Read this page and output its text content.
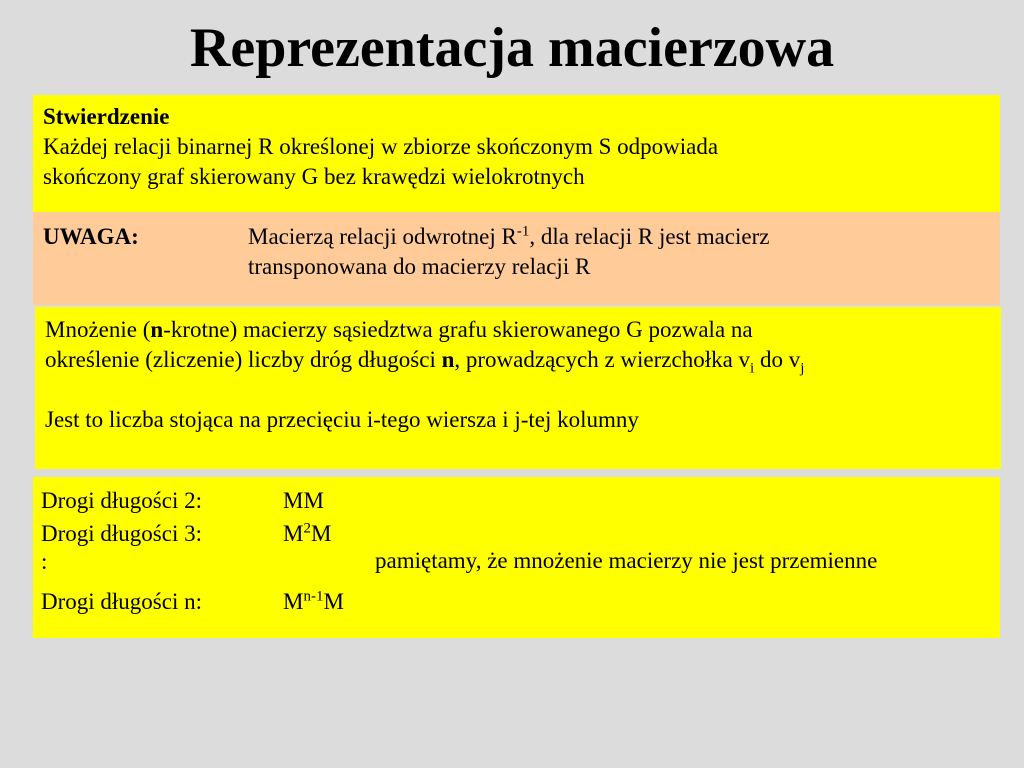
Reprezentacja macierzowa
Stwierdzenie
Każdej relacji binarnej R określonej w zbiorze skończonym S odpowiada
skończony graf skierowany G bez krawędzi wielokrotnych
UWAGA:	Macierzą relacji odwrotnej $R^{-1}$, dla relacji R jest macierz
transponowana do macierzy relacji R
Mnożenie (n-krotne) macierzy sąsiedztwa grafu skierowanego G pozwala na
określenie (zliczenie) liczby dróg długości n, prowadzących z wierzchołka $v_i$ do $v_j$
Jest to liczba stojąca na przecięciu i-tego wiersza i j-tej kolumny
Drogi długości 2:	MM
Drogi długości 3:	$M^2M$
:
Drogi długości n:	$M^{n-1}M$
pamiętamy, że mnożenie macierzy nie jest przemienne
